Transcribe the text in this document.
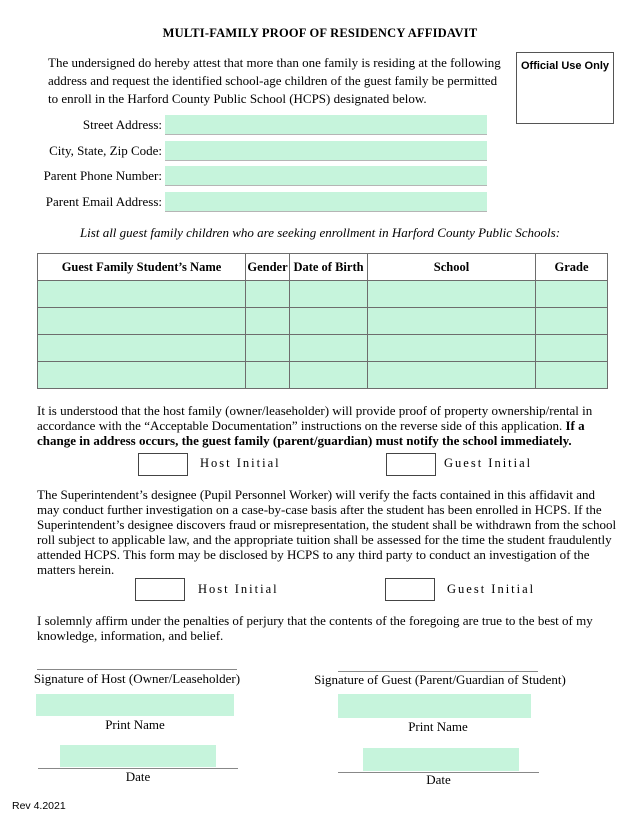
MULTI-FAMILY PROOF OF RESIDENCY AFFIDAVIT
The undersigned do hereby attest that more than one family is residing at the following address and request the identified school-age children of the guest family be permitted to enroll in the Harford County Public School (HCPS) designated below.
Official Use Only
Street Address:
City, State, Zip Code:
Parent Phone Number:
Parent Email Address:
List all guest family children who are seeking enrollment in Harford County Public Schools:
Guest Family Student’s Name	Gender	Date of Birth	School	Grade

It is understood that the host family (owner/leaseholder) will provide proof of property ownership/rental in accordance with the “Acceptable Documentation” instructions on the reverse side of this application. If a change in address occurs, the guest family (parent/guardian) must notify the school immediately.
Host Initial	Guest Initial
The Superintendent’s designee (Pupil Personnel Worker) will verify the facts contained in this affidavit and may conduct further investigation on a case-by-case basis after the student has been enrolled in HCPS. If the Superintendent’s designee discovers fraud or misrepresentation, the student shall be withdrawn from the school roll subject to applicable law, and the appropriate tuition shall be assessed for the time the student fraudulently attended HCPS. This form may be disclosed by HCPS to any third party to conduct an investigation of the matters herein.
Host Initial	Guest Initial
I solemnly affirm under the penalties of perjury that the contents of the foregoing are true to the best of my knowledge, information, and belief.
Signature of Host (Owner/Leaseholder)
Print Name
Date
Signature of Guest (Parent/Guardian of Student)
Print Name
Date
Rev 4.2021
